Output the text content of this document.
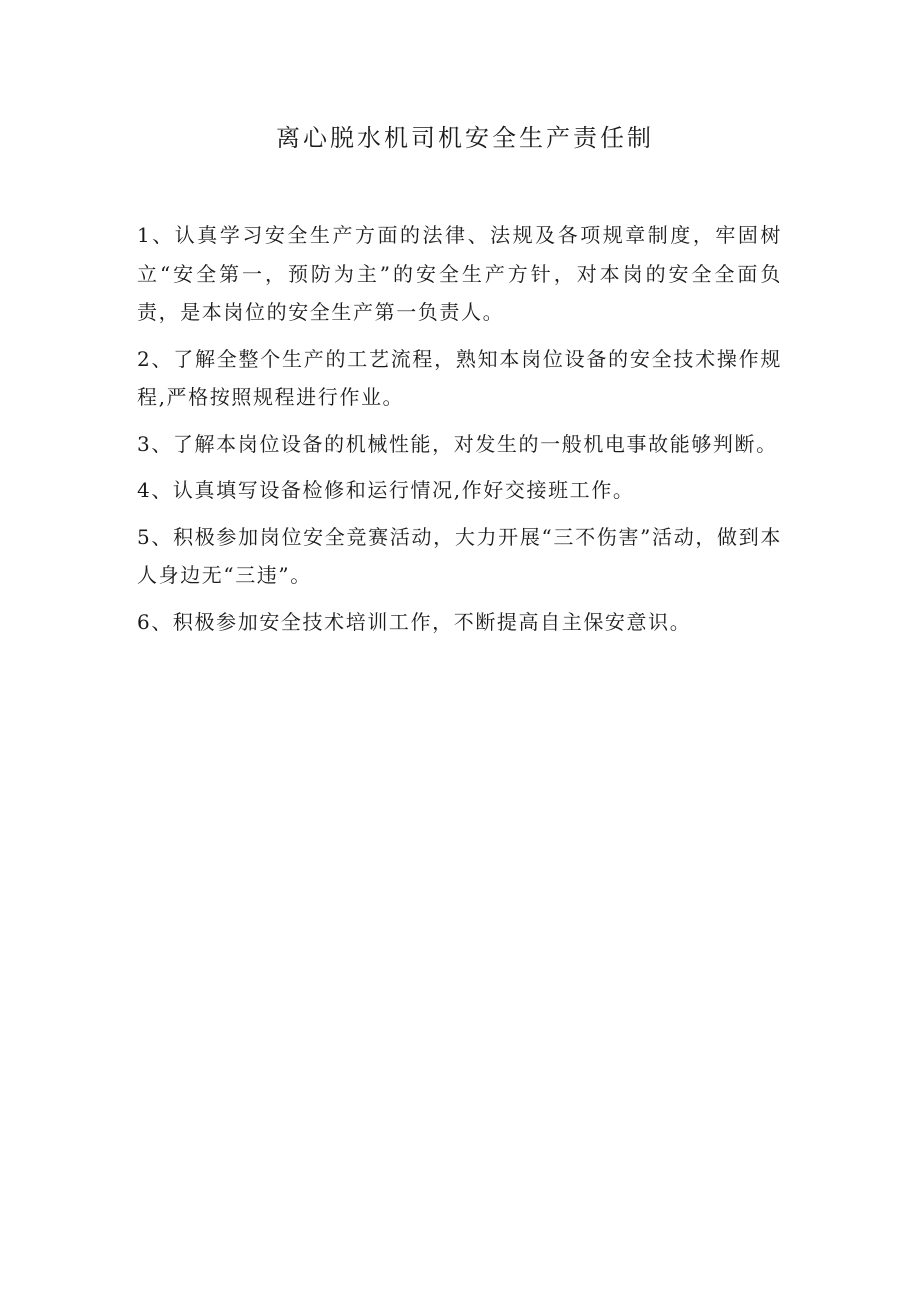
离心脱水机司机安全生产责任制
1、认真学习安全生产方面的法律、法规及各项规章制度，牢固树立“安全第一，预防为主”的安全生产方针，对本岗的安全全面负责，是本岗位的安全生产第一负责人。
2、了解全整个生产的工艺流程，熟知本岗位设备的安全技术操作规程,严格按照规程进行作业。
3、了解本岗位设备的机械性能，对发生的一般机电事故能够判断。
4、认真填写设备检修和运行情况,作好交接班工作。
5、积极参加岗位安全竞赛活动，大力开展“三不伤害”活动，做到本人身边无“三违”。
6、积极参加安全技术培训工作，不断提高自主保安意识。
